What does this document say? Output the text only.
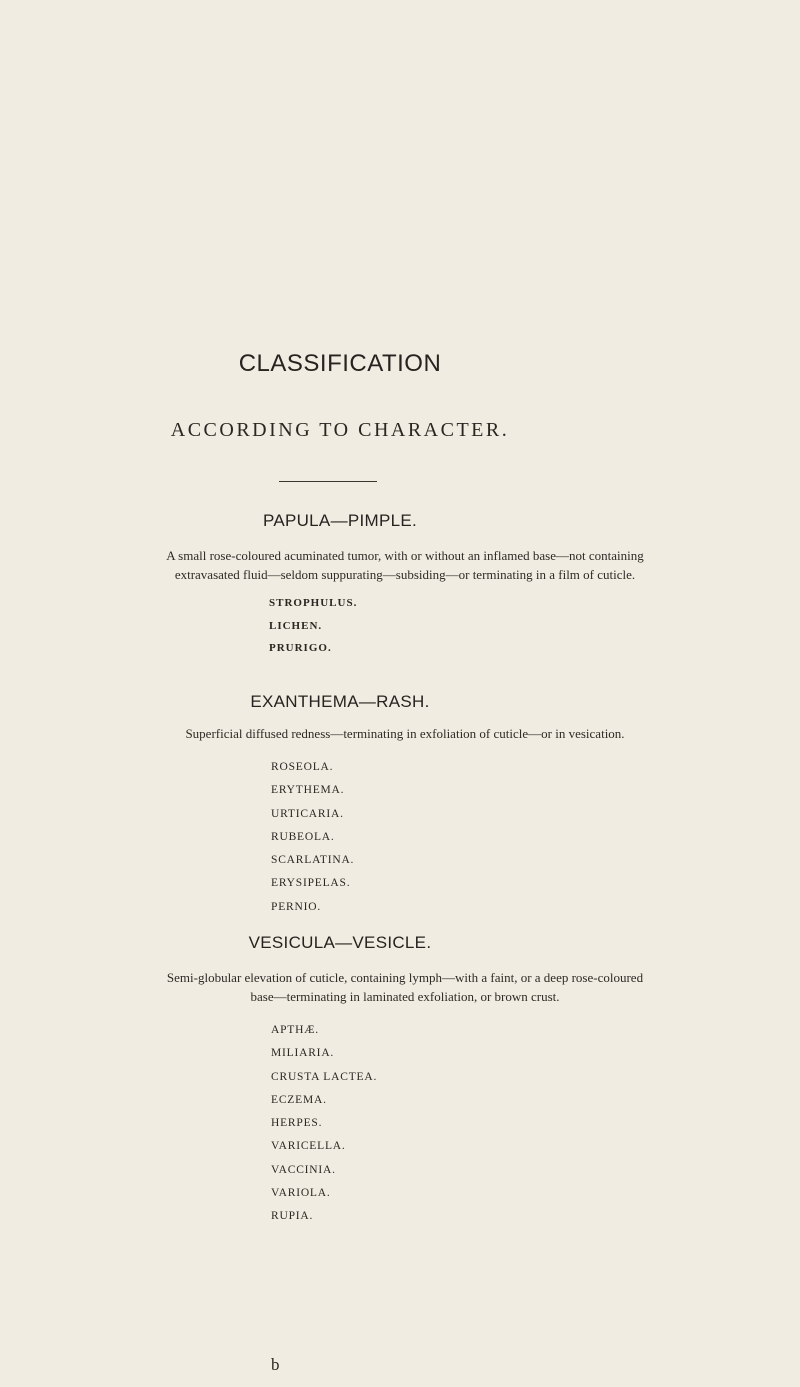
CLASSIFICATION
ACCORDING TO CHARACTER.
PAPULA—PIMPLE.
A small rose-coloured acuminated tumor, with or without an inflamed base—not containing
extravasated fluid—seldom suppurating—subsiding—or terminating in a film of cuticle.
STROPHULUS.
LICHEN.
PRURIGO.
EXANTHEMA—RASH.
Superficial diffused redness—terminating in exfoliation of cuticle—or in vesication.
ROSEOLA.
ERYTHEMA.
URTICARIA.
RUBEOLA.
SCARLATINA.
ERYSIPELAS.
PERNIO.
VESICULA—VESICLE.
Semi-globular elevation of cuticle, containing lymph—with a faint, or a deep rose-coloured
base—terminating in laminated exfoliation, or brown crust.
APTHÆ.
MILIARIA.
CRUSTA LACTEA.
ECZEMA.
HERPES.
VARICELLA.
VACCINIA.
VARIOLA.
RUPIA.
b
